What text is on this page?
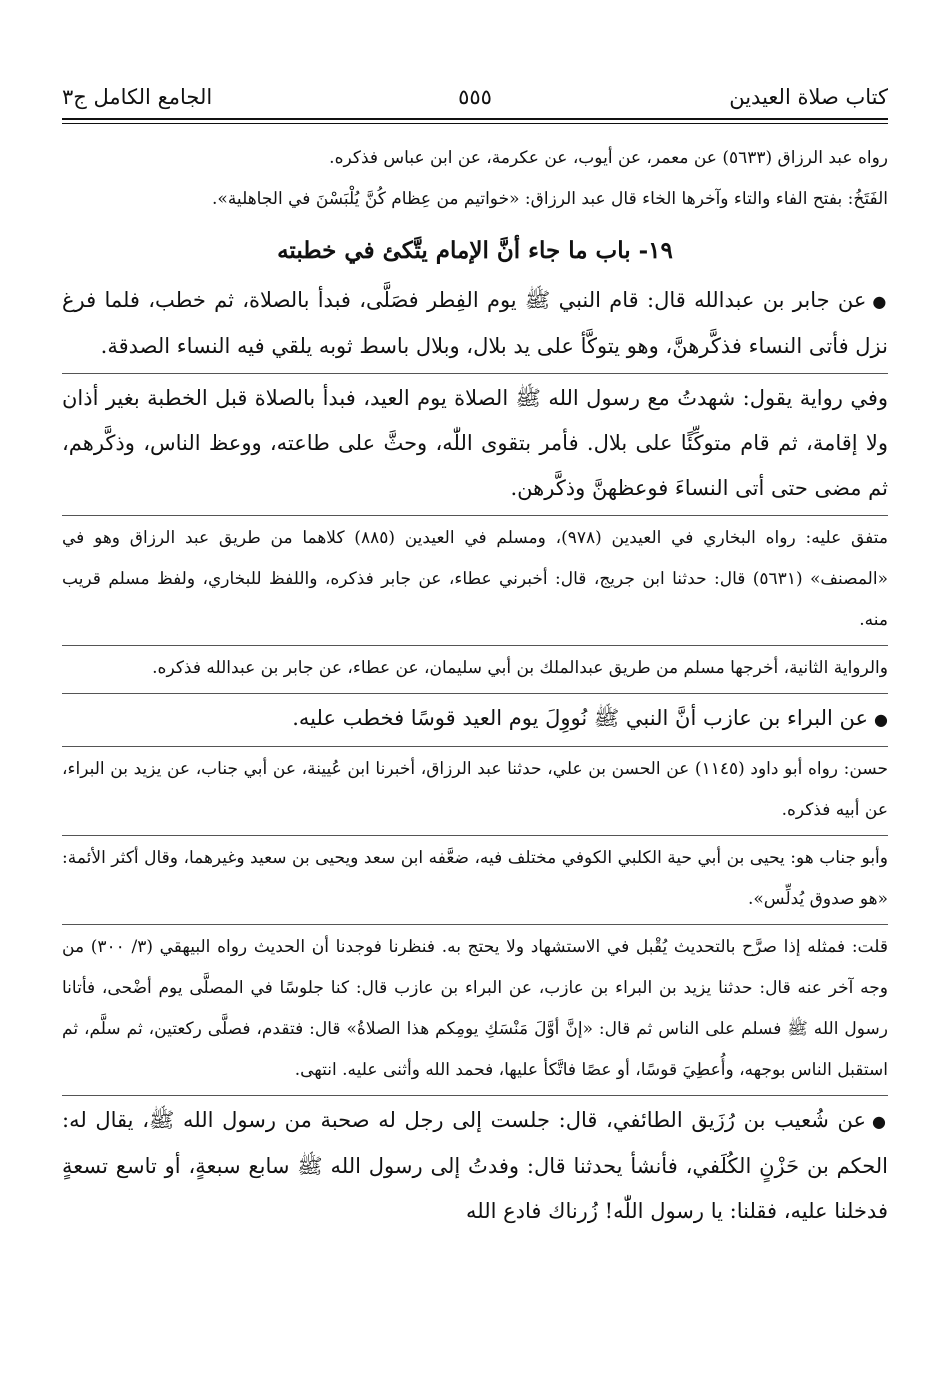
كتاب صلاة العيدين
٥٥٥
الجامع الكامل ج٣

رواه عبد الرزاق (٥٦٣٣) عن معمر، عن أيوب، عن عكرمة، عن ابن عباس فذكره.

الفَتَخُ: بفتح الفاء والتاء وآخرها الخاء قال عبد الرزاق: «خواتيم من عِظام كُنَّ يُلْبَسْنَ في الجاهلية».

١٩- باب ما جاء أنَّ الإمام يتَّكئ في خطبته

●عن جابر بن عبدالله قال: قام النبي ﷺ يوم الفِطر فصَلَّى، فبدأ بالصلاة، ثم خطب، فلما فرغ نزل فأتى النساء فذكَّرهنَّ، وهو يتوكَّأ على يد بلال، وبلال باسط ثوبه يلقي فيه النساء الصدقة.

وفي رواية يقول: شهدتُ مع رسول الله ﷺ الصلاة يوم العيد، فبدأ بالصلاة قبل الخطبة بغير أذان ولا إقامة، ثم قام متوكِّئًا على بلال. فأمر بتقوى اللّٰه، وحثَّ على طاعته، ووعظ الناس، وذكَّرهم، ثم مضى حتى أتى النساءَ فوعظهنَّ وذكَّرهن.

متفق عليه: رواه البخاري في العيدين (٩٧٨)، ومسلم في العيدين (٨٨٥) كلاهما من طريق عبد الرزاق وهو في «المصنف» (٥٦٣١) قال: حدثنا ابن جريج، قال: أخبرني عطاء، عن جابر فذكره، واللفظ للبخاري، ولفظ مسلم قريب منه.

والرواية الثانية، أخرجها مسلم من طريق عبدالملك بن أبي سليمان، عن عطاء، عن جابر بن عبدالله فذكره.

●عن البراء بن عازب أنَّ النبي ﷺ نُووِلَ يوم العيد قوسًا فخطب عليه.

حسن: رواه أبو داود (١١٤٥) عن الحسن بن علي، حدثنا عبد الرزاق، أخبرنا ابن عُيينة، عن أبي جناب، عن يزيد بن البراء، عن أبيه فذكره.

وأبو جناب هو: يحيى بن أبي حية الكلبي الكوفي مختلف فيه، ضعَّفه ابن سعد ويحيى بن سعيد وغيرهما، وقال أكثر الأئمة: «هو صدوق يُدلِّس».

قلت: فمثله إذا صرَّح بالتحديث يُقْبل في الاستشهاد ولا يحتج به. فنظرنا فوجدنا أن الحديث رواه البيهقي (٣/ ٣٠٠) من وجه آخر عنه قال: حدثنا يزيد بن البراء بن عازب، عن البراء بن عازب قال: كنا جلوسًا في المصلَّى يوم أضْحى، فأتانا رسول الله ﷺ فسلم على الناس ثم قال: «إنَّ أوَّلَ مَنْسَكِ يومِكم هذا الصلاةُ» قال: فتقدم، فصلَّى ركعتين، ثم سلَّم، ثم استقبل الناس بوجهه، وأُعطِيَ قوسًا، أو عصًا فاتَّكأ عليها، فحمد الله وأثنى عليه. انتهى.

●عن شُعيب بن رُزَيق الطائفي، قال: جلست إلى رجل له صحبة من رسول الله ﷺ، يقال له: الحكم بن حَزْنٍ الكُلَفي، فأنشأ يحدثنا قال: وفدتُ إلى رسول الله ﷺ سابع سبعةٍ، أو تاسع تسعةٍ فدخلنا عليه، فقلنا: يا رسول اللّٰه! زُرناك فادع الله
